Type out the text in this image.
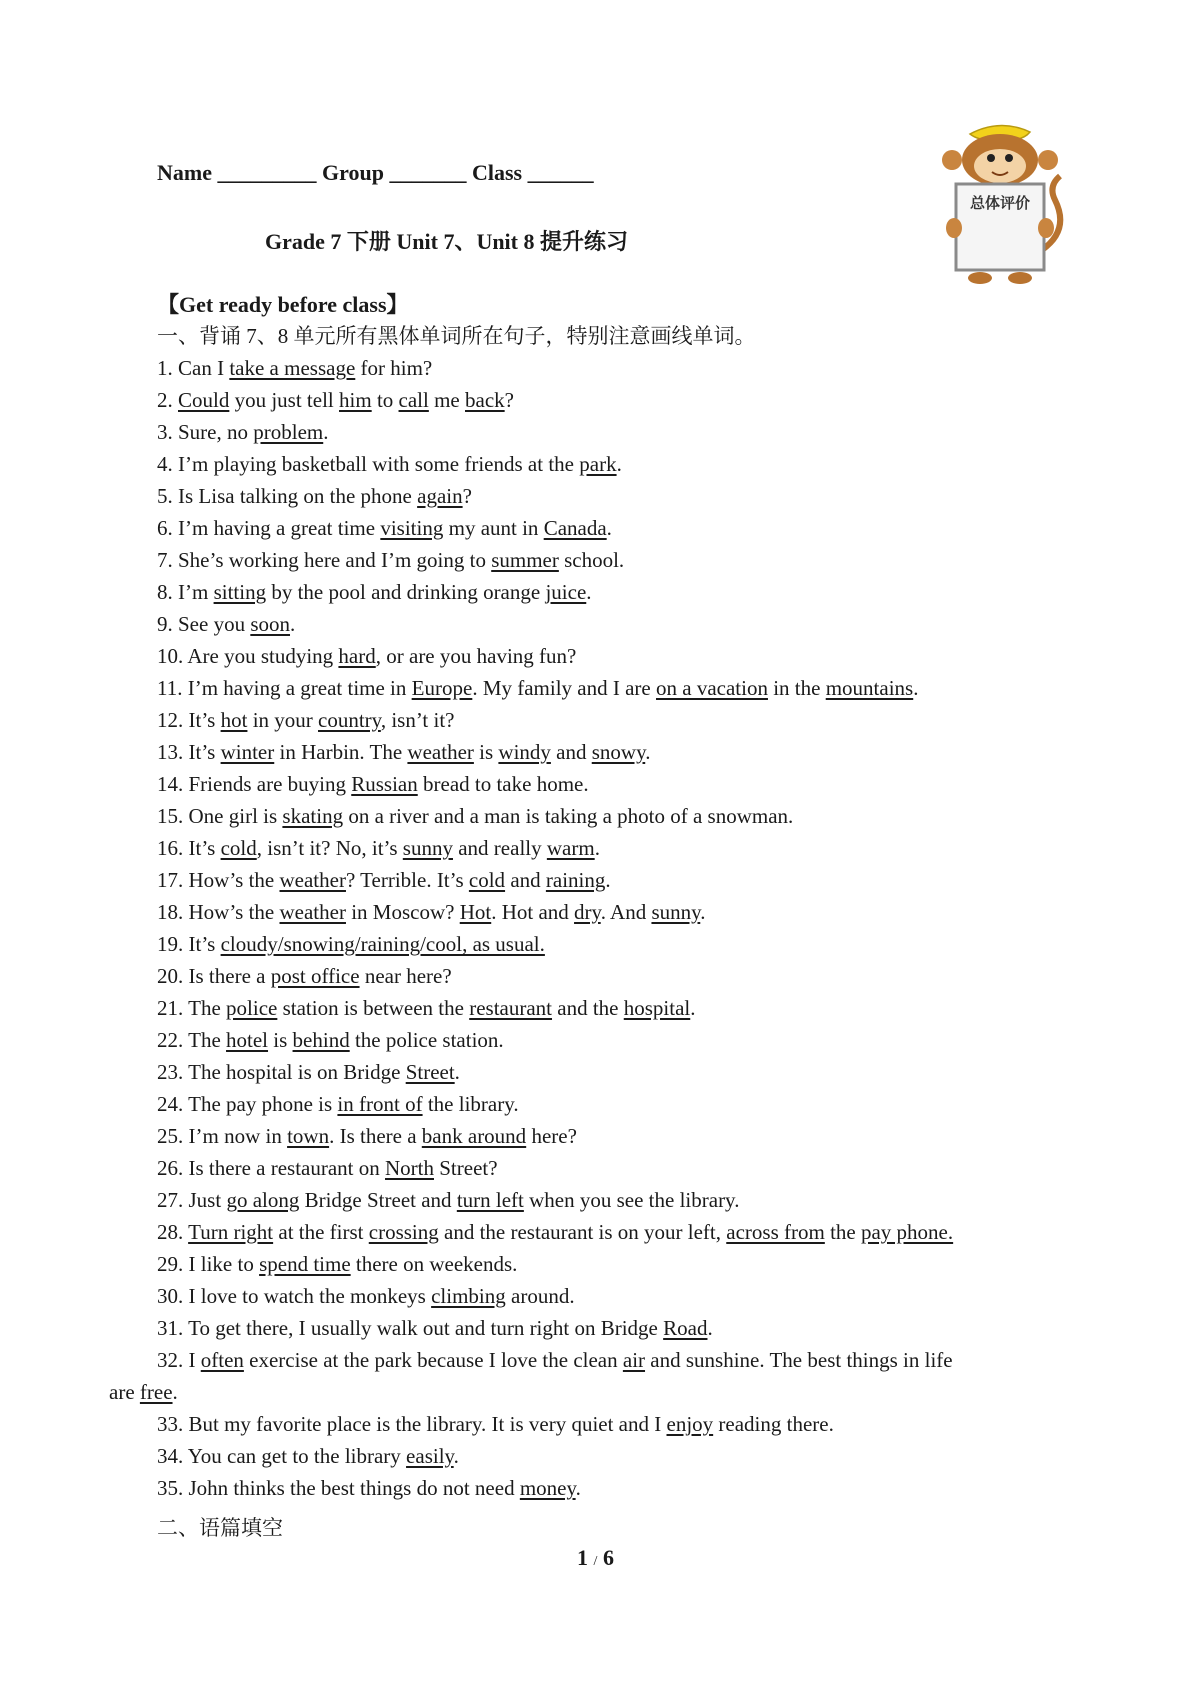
Name _________ Group _______ Class ______
总体评价
Grade 7 下册 Unit 7、Unit 8 提升练习
【Get ready before class】
一、背诵 7、8 单元所有黑体单词所在句子，特别注意画线单词。
1. Can I take a message for him?
2. Could you just tell him to call me back?
3. Sure, no problem.
4. I’m playing basketball with some friends at the park.
5. Is Lisa talking on the phone again?
6. I’m having a great time visiting my aunt in Canada.
7. She’s working here and I’m going to summer school.
8. I’m sitting by the pool and drinking orange juice.
9. See you soon.
10. Are you studying hard, or are you having fun?
11. I’m having a great time in Europe. My family and I are on a vacation in the mountains.
12. It’s hot in your country, isn’t it?
13. It’s winter in Harbin. The weather is windy and snowy.
14. Friends are buying Russian bread to take home.
15. One girl is skating on a river and a man is taking a photo of a snowman.
16. It’s cold, isn’t it? No, it’s sunny and really warm.
17. How’s the weather? Terrible. It’s cold and raining.
18. How’s the weather in Moscow? Hot. Hot and dry. And sunny.
19. It’s cloudy/snowing/raining/cool, as usual.
20. Is there a post office near here?
21. The police station is between the restaurant and the hospital.
22. The hotel is behind the police station.
23. The hospital is on Bridge Street.
24. The pay phone is in front of the library.
25. I’m now in town. Is there a bank around here?
26. Is there a restaurant on North Street?
27. Just go along Bridge Street and turn left when you see the library.
28. Turn right at the first crossing and the restaurant is on your left, across from the pay phone.
29. I like to spend time there on weekends.
30. I love to watch the monkeys climbing around.
31. To get there, I usually walk out and turn right on Bridge Road.
32. I often exercise at the park because I love the clean air and sunshine. The best things in life
are free.
33. But my favorite place is the library. It is very quiet and I enjoy reading there.
34. You can get to the library easily.
35. John thinks the best things do not need money.
二、语篇填空
1 / 6
